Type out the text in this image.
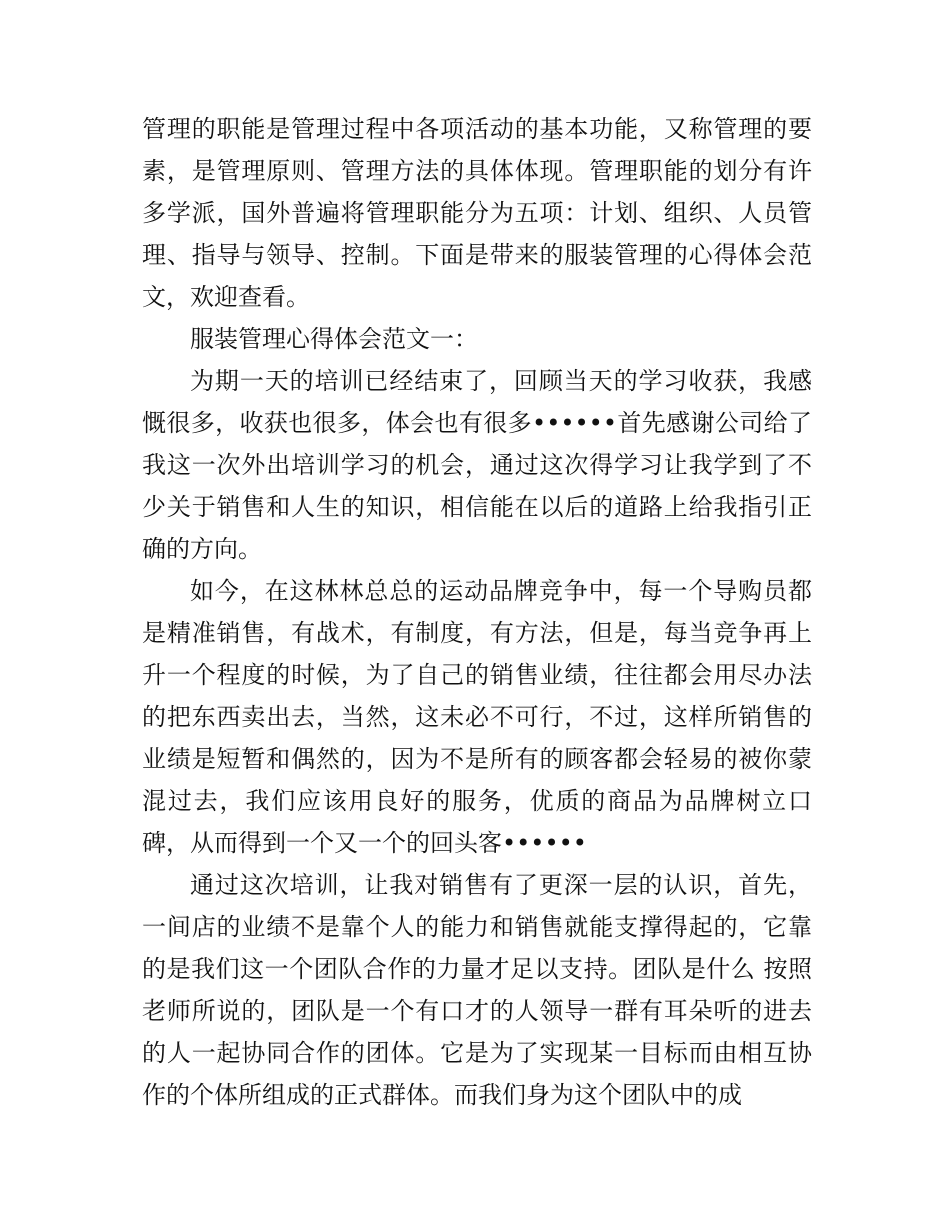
管理的职能是管理过程中各项活动的基本功能，又称管理的要素，是管理原则、管理方法的具体体现。管理职能的划分有许多学派，国外普遍将管理职能分为五项：计划、组织、人员管理、指导与领导、控制。下面是带来的服装管理的心得体会范文，欢迎查看。

服装管理心得体会范文一：

为期一天的培训已经结束了，回顾当天的学习收获，我感慨很多，收获也很多，体会也有很多••••••首先感谢公司给了我这一次外出培训学习的机会，通过这次得学习让我学到了不少关于销售和人生的知识，相信能在以后的道路上给我指引正确的方向。

如今，在这林林总总的运动品牌竞争中，每一个导购员都是精准销售，有战术，有制度，有方法，但是，每当竞争再上升一个程度的时候，为了自己的销售业绩，往往都会用尽办法的把东西卖出去，当然，这未必不可行，不过，这样所销售的业绩是短暂和偶然的，因为不是所有的顾客都会轻易的被你蒙混过去，我们应该用良好的服务，优质的商品为品牌树立口碑，从而得到一个又一个的回头客••••••

通过这次培训，让我对销售有了更深一层的认识，首先，一间店的业绩不是靠个人的能力和销售就能支撑得起的，它靠的是我们这一个团队合作的力量才足以支持。团队是什么 按照老师所说的，团队是一个有口才的人领导一群有耳朵听的进去的人一起协同合作的团体。它是为了实现某一目标而由相互协作的个体所组成的正式群体。而我们身为这个团队中的成
